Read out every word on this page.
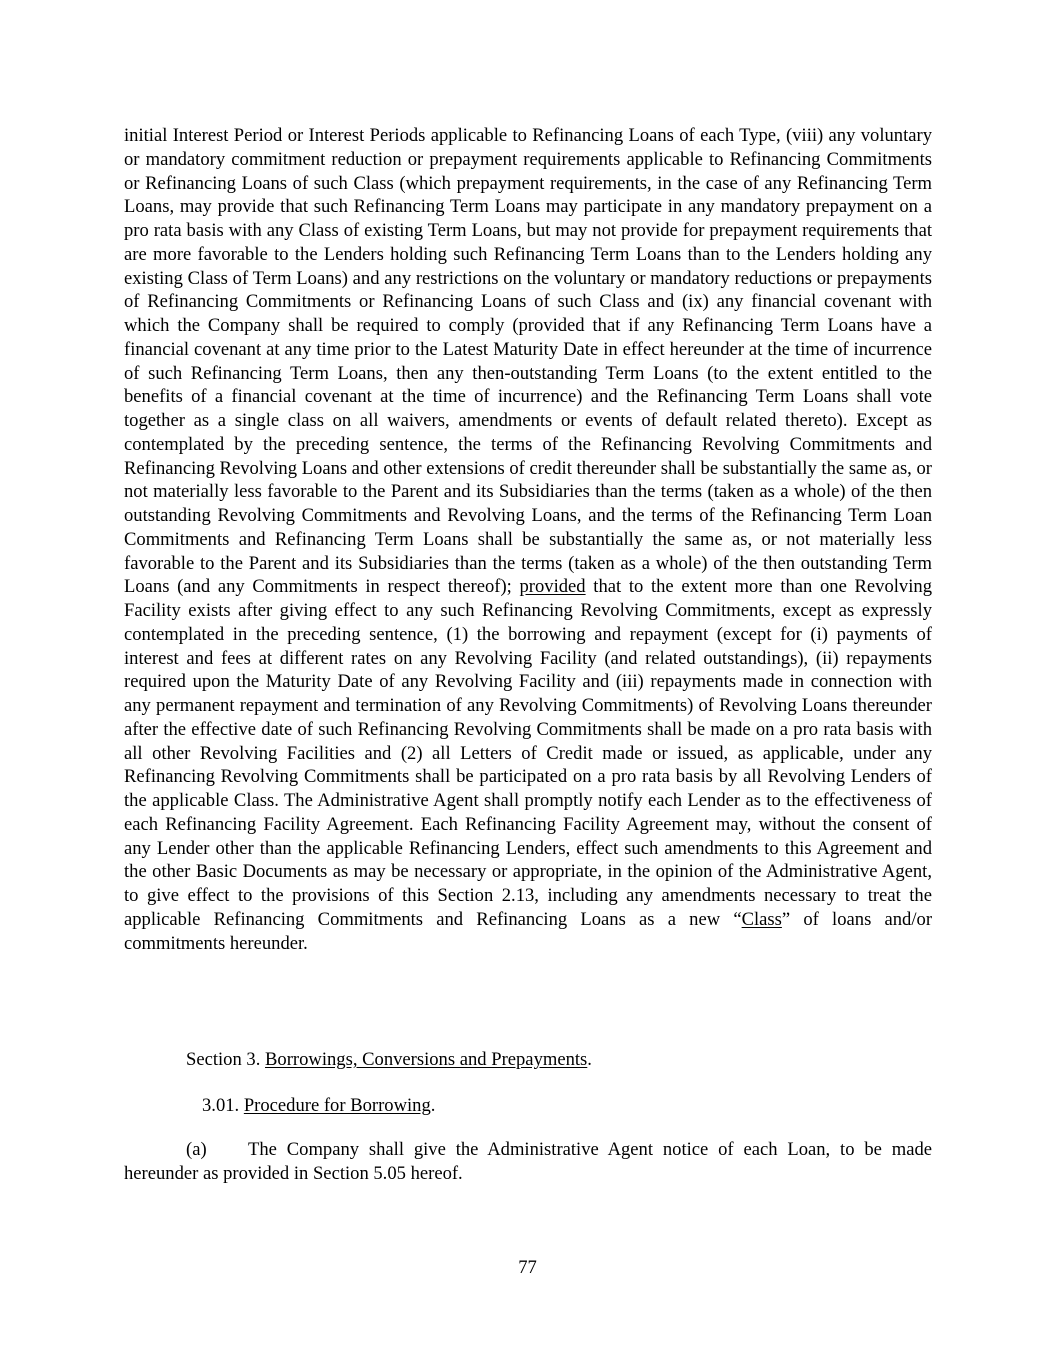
initial Interest Period or Interest Periods applicable to Refinancing Loans of each Type, (viii) any voluntary or mandatory commitment reduction or prepayment requirements applicable to Refinancing Commitments or Refinancing Loans of such Class (which prepayment requirements, in the case of any Refinancing Term Loans, may provide that such Refinancing Term Loans may participate in any mandatory prepayment on a pro rata basis with any Class of existing Term Loans, but may not provide for prepayment requirements that are more favorable to the Lenders holding such Refinancing Term Loans than to the Lenders holding any existing Class of Term Loans) and any restrictions on the voluntary or mandatory reductions or prepayments of Refinancing Commitments or Refinancing Loans of such Class and (ix) any financial covenant with which the Company shall be required to comply (provided that if any Refinancing Term Loans have a financial covenant at any time prior to the Latest Maturity Date in effect hereunder at the time of incurrence of such Refinancing Term Loans, then any then-outstanding Term Loans (to the extent entitled to the benefits of a financial covenant at the time of incurrence) and the Refinancing Term Loans shall vote together as a single class on all waivers, amendments or events of default related thereto). Except as contemplated by the preceding sentence, the terms of the Refinancing Revolving Commitments and Refinancing Revolving Loans and other extensions of credit thereunder shall be substantially the same as, or not materially less favorable to the Parent and its Subsidiaries than the terms (taken as a whole) of the then outstanding Revolving Commitments and Revolving Loans, and the terms of the Refinancing Term Loan Commitments and Refinancing Term Loans shall be substantially the same as, or not materially less favorable to the Parent and its Subsidiaries than the terms (taken as a whole) of the then outstanding Term Loans (and any Commitments in respect thereof); provided that to the extent more than one Revolving Facility exists after giving effect to any such Refinancing Revolving Commitments, except as expressly contemplated in the preceding sentence, (1) the borrowing and repayment (except for (i) payments of interest and fees at different rates on any Revolving Facility (and related outstandings), (ii) repayments required upon the Maturity Date of any Revolving Facility and (iii) repayments made in connection with any permanent repayment and termination of any Revolving Commitments) of Revolving Loans thereunder after the effective date of such Refinancing Revolving Commitments shall be made on a pro rata basis with all other Revolving Facilities and (2) all Letters of Credit made or issued, as applicable, under any Refinancing Revolving Commitments shall be participated on a pro rata basis by all Revolving Lenders of the applicable Class. The Administrative Agent shall promptly notify each Lender as to the effectiveness of each Refinancing Facility Agreement. Each Refinancing Facility Agreement may, without the consent of any Lender other than the applicable Refinancing Lenders, effect such amendments to this Agreement and the other Basic Documents as may be necessary or appropriate, in the opinion of the Administrative Agent, to give effect to the provisions of this Section 2.13, including any amendments necessary to treat the applicable Refinancing Commitments and Refinancing Loans as a new “Class” of loans and/or commitments hereunder.

Section 3. Borrowings, Conversions and Prepayments.

3.01. Procedure for Borrowing.

(a) The Company shall give the Administrative Agent notice of each Loan, to be made hereunder as provided in Section 5.05 hereof.

77
